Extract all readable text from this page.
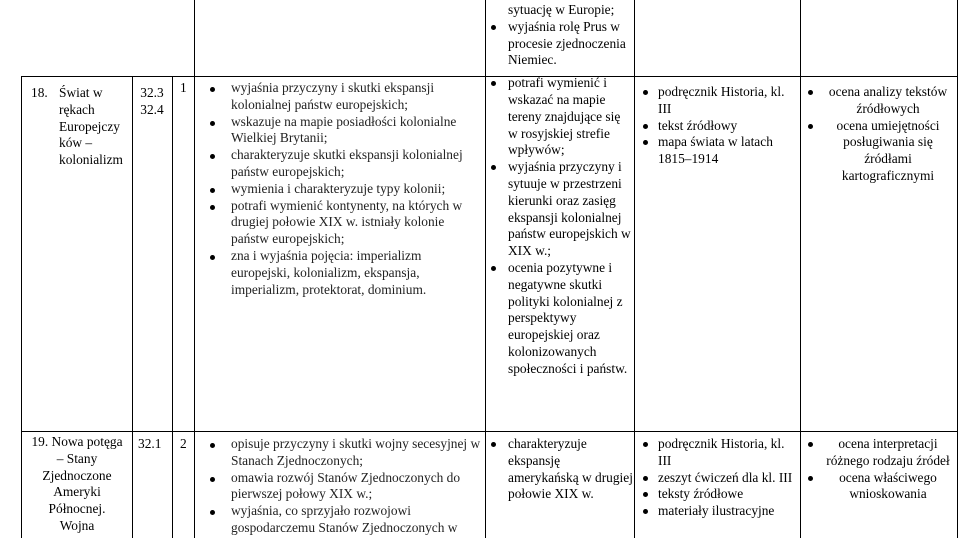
18. Świat w
rękach
Europejczy
ków –
kolonializm
32.3
32.4
1	wyjaśnia przyczyny i skutki ekspansji kolonialnej państw europejskich;
wskazuje na mapie posiadłości kolonialne Wielkiej Brytanii;
charakteryzuje skutki ekspansji kolonialnej państw europejskich;
wymienia i charakteryzuje typy kolonii;
potrafi wymienić kontynenty, na których w drugiej połowie XIX w. istniały kolonie państw europejskich;
zna i wyjaśnia pojęcia: imperializm europejski, kolonializm, ekspansja, imperializm, protektorat, dominium.
sytuację w Europie;
wyjaśnia rolę Prus w procesie zjednoczenia Niemiec.
potrafi wymienić i wskazać na mapie tereny znajdujące się w rosyjskiej strefie wpływów;
wyjaśnia przyczyny i sytuuje w przestrzeni kierunki oraz zasięg ekspansji kolonialnej państw europejskich w XIX w.;
ocenia pozytywne i negatywne skutki polityki kolonialnej z perspektywy europejskiej oraz kolonizowanych społeczności i państw.
podręcznik Historia, kl. III
tekst źródłowy
mapa świata w latach 1815–1914
ocena analizy tekstów źródłowych
ocena umiejętności posługiwania się źródłami kartograficznymi
19. Nowa potęga
– Stany
Zjednoczone
Ameryki
Północnej.
Wojna
32.1 2	opisuje przyczyny i skutki wojny secesyjnej w Stanach Zjednoczonych;
omawia rozwój Stanów Zjednoczonych do pierwszej połowy XIX w.;
wyjaśnia, co sprzyjało rozwojowi gospodarczemu Stanów Zjednoczonych w
charakteryzuje ekspansję amerykańską w drugiej połowie XIX w.
podręcznik Historia, kl. III
zeszyt ćwiczeń dla kl. III
teksty źródłowe
materiały ilustracyjne
ocena interpretacji różnego rodzaju źródeł
ocena właściwego wnioskowania
